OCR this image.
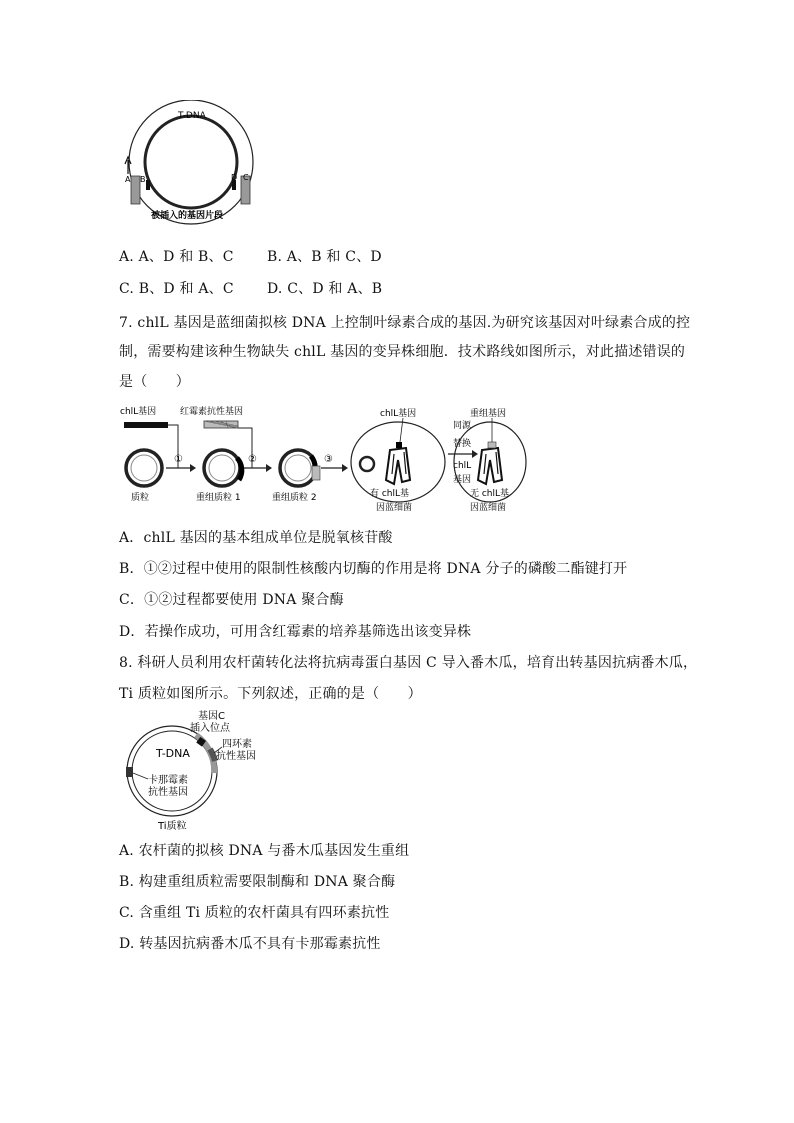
T-DNA
A B	D C
被插入的基因片段
A. A、D 和 B、C B. A、B 和 C、D
C. B、D 和 A、C D. C、D 和 A、B
7. chlL 基因是蓝细菌拟核 DNA 上控制叶绿素合成的基因.为研究该基因对叶绿素合成的控
制，需要构建该种生物缺失 chlL 基因的变异株细胞．技术路线如图所示，对此描述错误的
是（　　）
chlL基因	红霉素抗性基因
质粒
①
重组质粒 1
②
重组质粒 2
③
chlL基因
有 chlL基
因蓝细菌
同源
替换
chlL
基因
重组基因
无 chlL基
因蓝细菌
A．chlL 基因的基本组成单位是脱氧核苷酸
B．①②过程中使用的限制性核酸内切酶的作用是将 DNA 分子的磷酸二酯键打开
C．①②过程都要使用 DNA 聚合酶
D．若操作成功，可用含红霉素的培养基筛选出该变异株
8. 科研人员利用农杆菌转化法将抗病毒蛋白基因 C 导入番木瓜，培育出转基因抗病番木瓜，
Ti 质粒如图所示。下列叙述，正确的是（　　）
基因C
插入位点
T-DNA
四环素
抗性基因
卡那霉素
抗性基因
Ti质粒
A. 农杆菌的拟核 DNA 与番木瓜基因发生重组
B. 构建重组质粒需要限制酶和 DNA 聚合酶
C. 含重组 Ti 质粒的农杆菌具有四环素抗性
D. 转基因抗病番木瓜不具有卡那霉素抗性
